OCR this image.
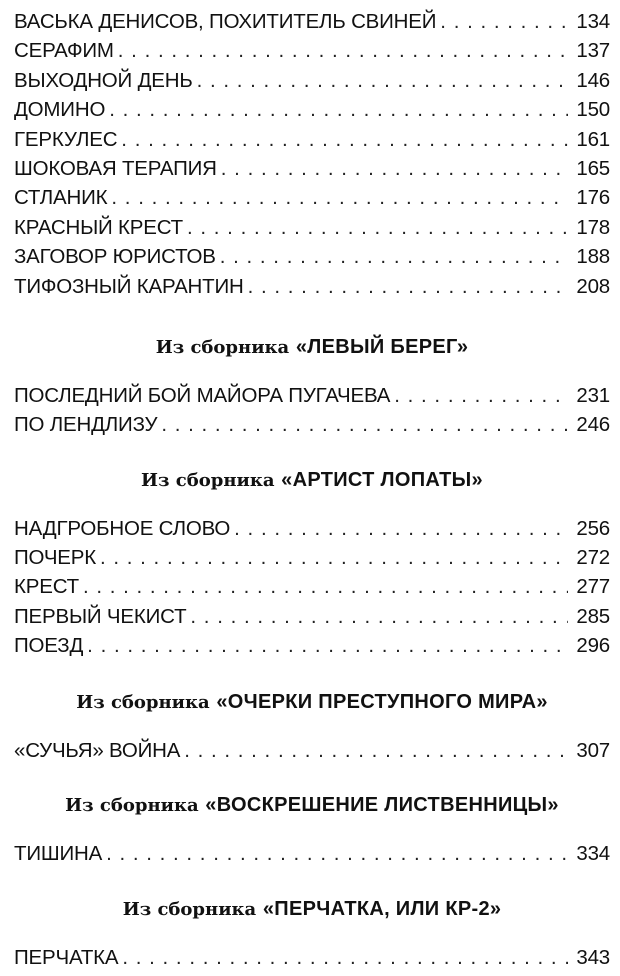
ВАСЬКА ДЕНИСОВ, ПОХИТИТЕЛЬ СВИНЕЙ . . .	134
СЕРАФИМ . . .	137
ВЫХОДНОЙ ДЕНЬ . . .	146
ДОМИНО . . .	150
ГЕРКУЛЕС . . .	161
ШОКОВАЯ ТЕРАПИЯ . . .	165
СТЛАНИК . . .	176
КРАСНЫЙ КРЕСТ . . .	178
ЗАГОВОР ЮРИСТОВ . . .	188
ТИФОЗНЫЙ КАРАНТИН . . .	208
Из сборника «ЛЕВЫЙ БЕРЕГ»
ПОСЛЕДНИЙ БОЙ МАЙОРА ПУГАЧЕВА . . .	231
ПО ЛЕНДЛИЗУ . . .	246
Из сборника «АРТИСТ ЛОПАТЫ»
НАДГРОБНОЕ СЛОВО . . .	256
ПОЧЕРК . . .	272
КРЕСТ . . .	277
ПЕРВЫЙ ЧЕКИСТ . . .	285
ПОЕЗД . . .	296
Из сборника «ОЧЕРКИ ПРЕСТУПНОГО МИРА»
«СУЧЬЯ» ВОЙНА . . .	307
Из сборника «ВОСКРЕШЕНИЕ ЛИСТВЕННИЦЫ»
ТИШИНА . . .	334
Из сборника «ПЕРЧАТКА, ИЛИ КР-2»
ПЕРЧАТКА . . .	343
